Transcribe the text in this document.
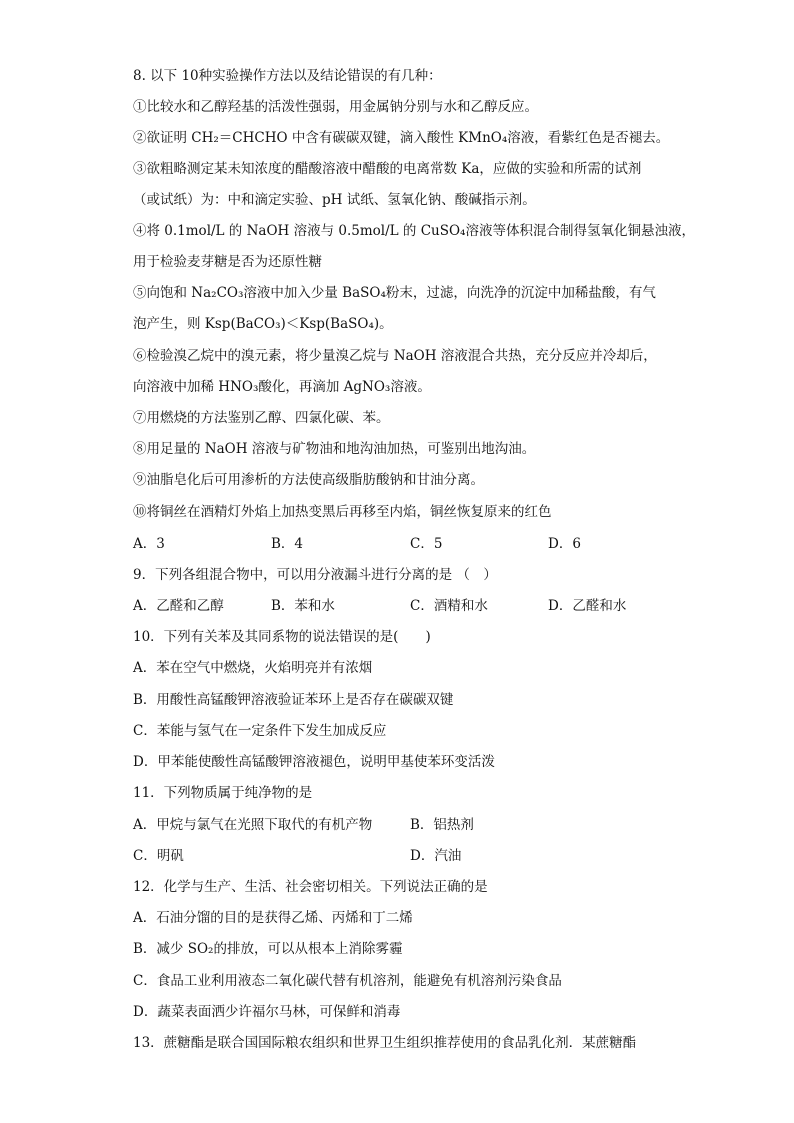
8. 以下 10种实验操作方法以及结论错误的有几种：
①比较水和乙醇羟基的活泼性强弱，用金属钠分别与水和乙醇反应。
②欲证明 CH₂＝CHCHO 中含有碳碳双键，滴入酸性 KMnO₄溶液，看紫红色是否褪去。
③欲粗略测定某未知浓度的醋酸溶液中醋酸的电离常数 Ka，应做的实验和所需的试剂
（或试纸）为：中和滴定实验、pH 试纸、氢氧化钠、酸碱指示剂。
④将 0.1mol/L 的 NaOH 溶液与 0.5mol/L 的 CuSO₄溶液等体积混合制得氢氧化铜悬浊液，
用于检验麦芽糖是否为还原性糖
⑤向饱和 Na₂CO₃溶液中加入少量 BaSO₄粉末，过滤，向洗净的沉淀中加稀盐酸，有气
泡产生，则 Ksp(BaCO₃)＜Ksp(BaSO₄)。
⑥检验溴乙烷中的溴元素，将少量溴乙烷与 NaOH 溶液混合共热，充分反应并冷却后，
向溶液中加稀 HNO₃酸化，再滴加 AgNO₃溶液。
⑦用燃烧的方法鉴别乙醇、四氯化碳、苯。
⑧用足量的 NaOH 溶液与矿物油和地沟油加热，可鉴别出地沟油。
⑨油脂皂化后可用渗析的方法使高级脂肪酸钠和甘油分离。
⑩将铜丝在酒精灯外焰上加热变黑后再移至内焰，铜丝恢复原来的红色
A．3	B．4	C．5	D．6
9．下列各组混合物中，可以用分液漏斗进行分离的是 （　）
A．乙醛和乙醇	B．苯和水	C．酒精和水	D．乙醛和水
10．下列有关苯及其同系物的说法错误的是(　　)
A．苯在空气中燃烧，火焰明亮并有浓烟
B．用酸性高锰酸钾溶液验证苯环上是否存在碳碳双键
C．苯能与氢气在一定条件下发生加成反应
D．甲苯能使酸性高锰酸钾溶液褪色，说明甲基使苯环变活泼
11．下列物质属于纯净物的是
A．甲烷与氯气在光照下取代的有机产物	B．铝热剂
C．明矾	D．汽油
12．化学与生产、生活、社会密切相关。下列说法正确的是
A．石油分馏的目的是获得乙烯、丙烯和丁二烯
B．减少 SO₂的排放，可以从根本上消除雾霾
C．食品工业利用液态二氧化碳代替有机溶剂，能避免有机溶剂污染食品
D．蔬菜表面洒少许福尔马林，可保鲜和消毒
13．蔗糖酯是联合国国际粮农组织和世界卫生组织推荐使用的食品乳化剂．某蔗糖酯
